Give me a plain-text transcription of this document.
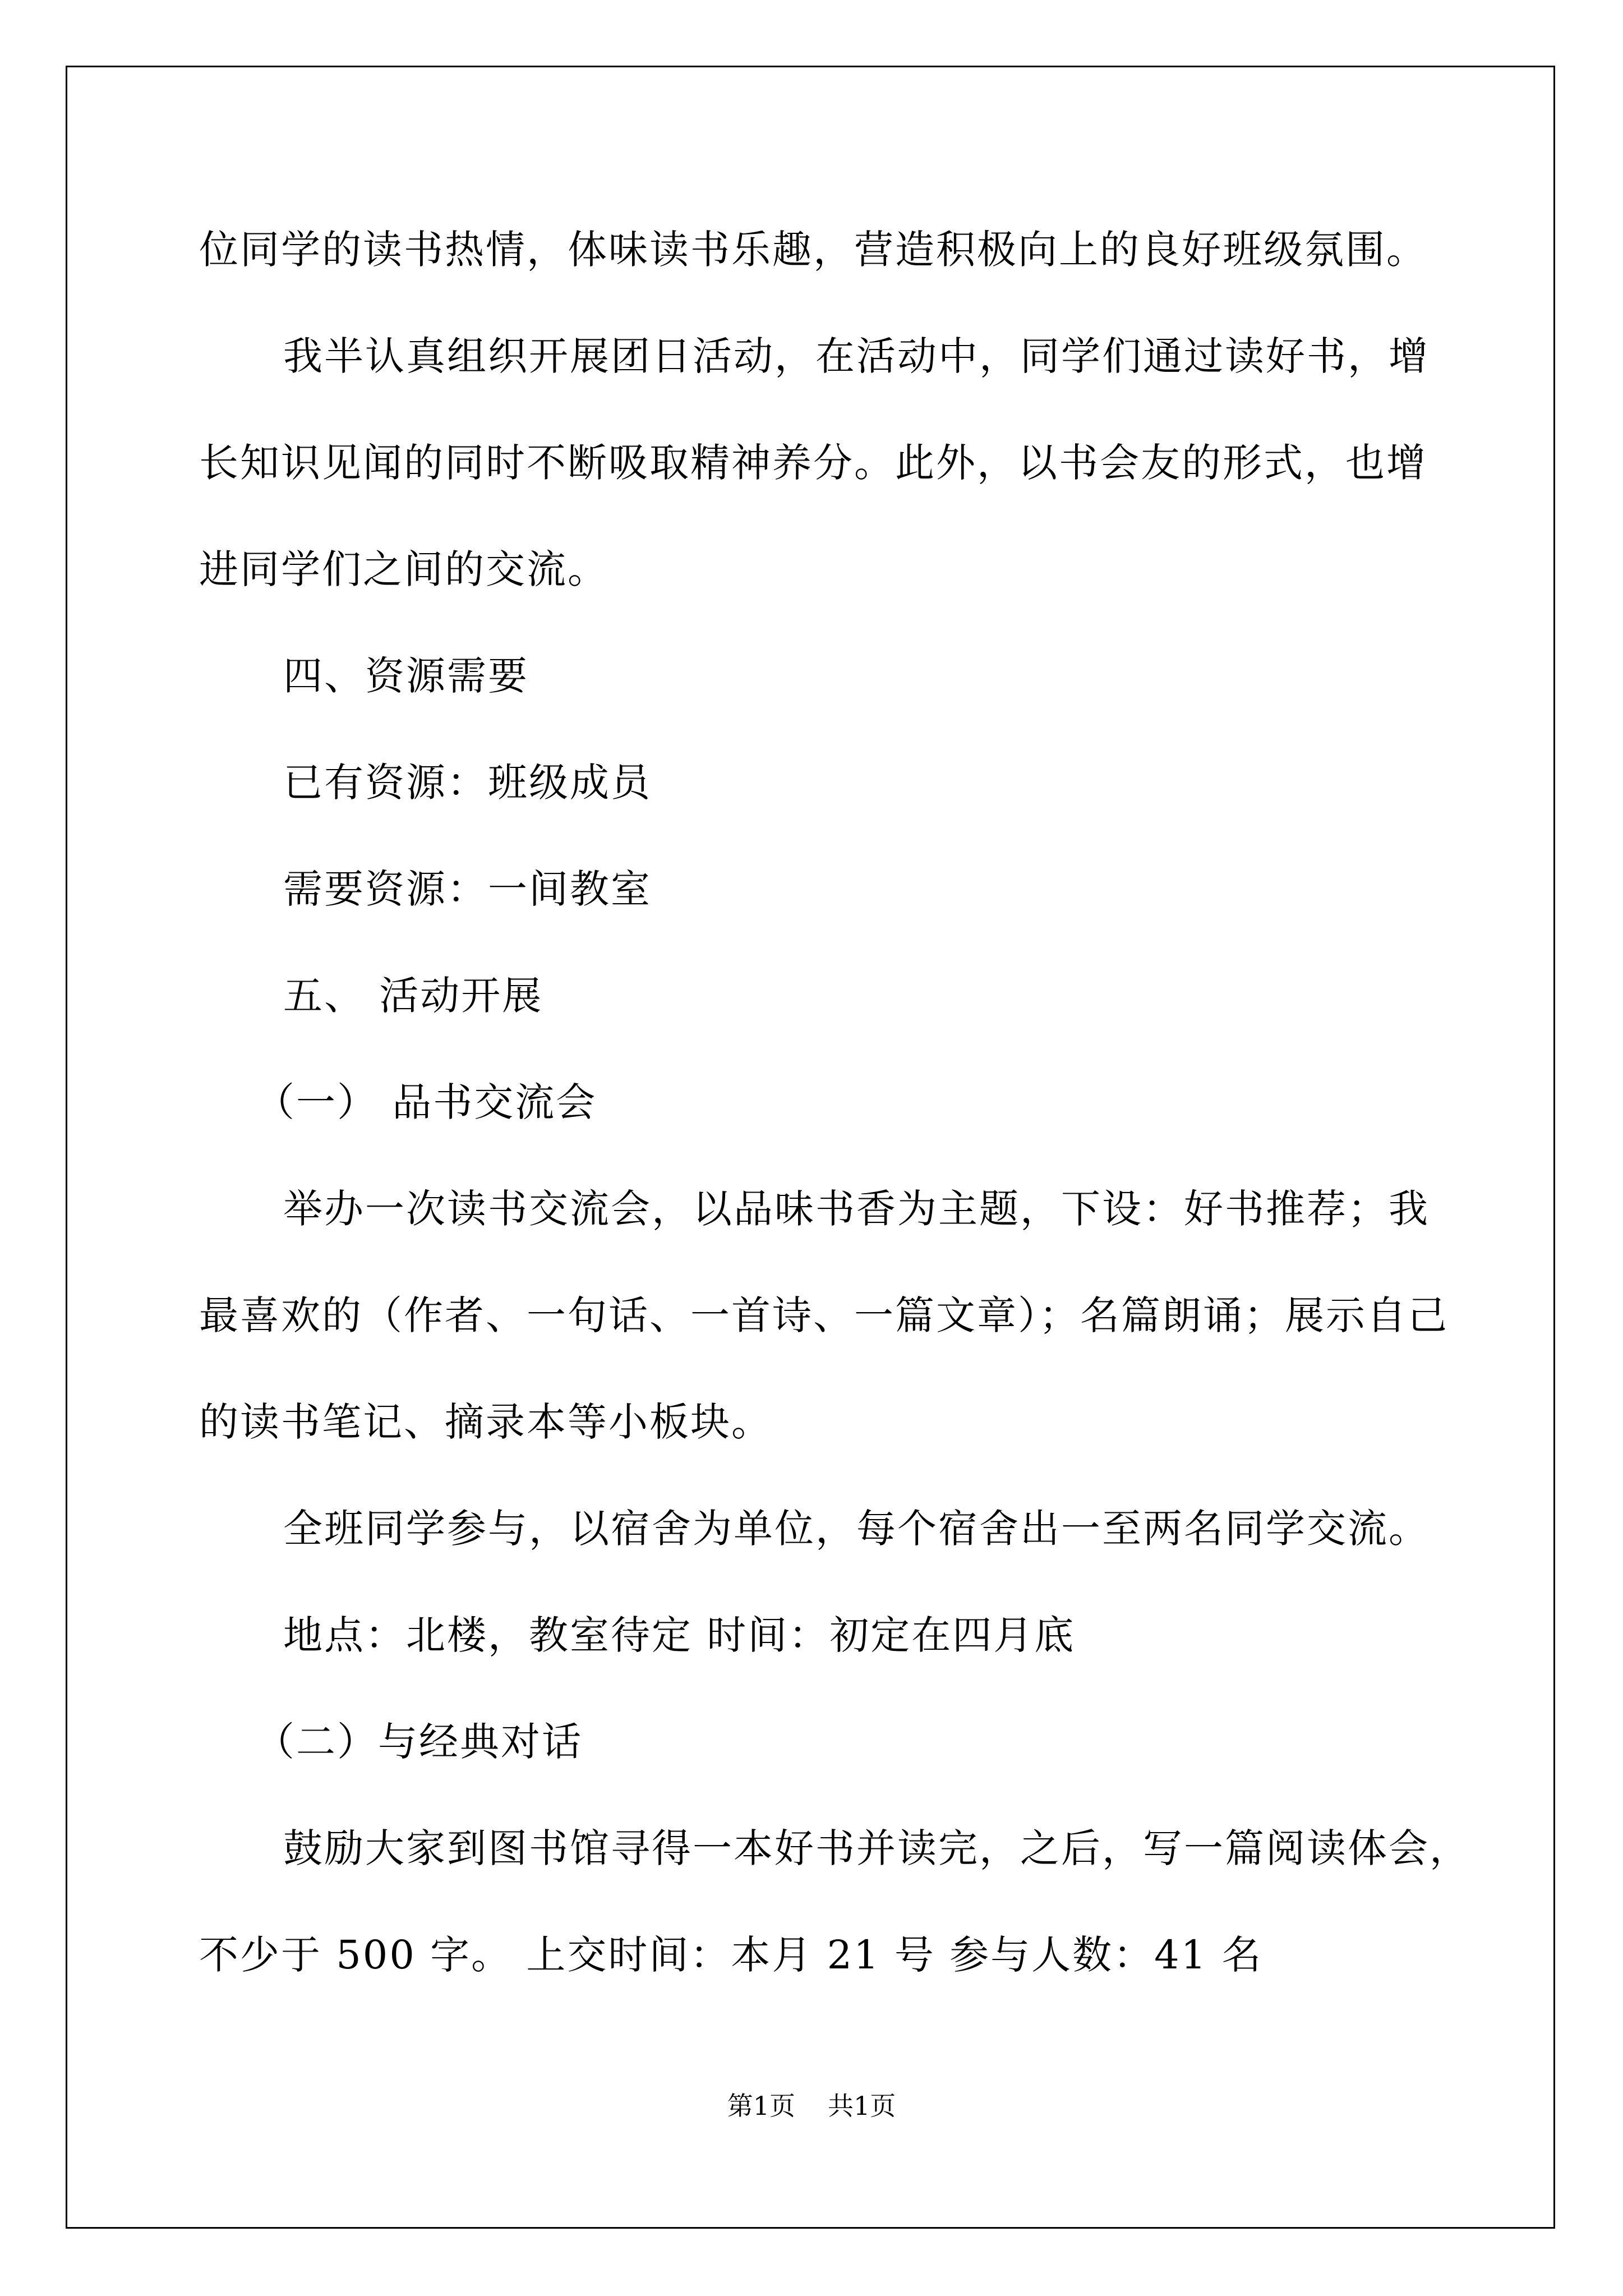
位同学的读书热情，体味读书乐趣，营造积极向上的良好班级氛围。

我半认真组织开展团日活动，在活动中，同学们通过读好书，增

长知识见闻的同时不断吸取精神养分。此外，以书会友的形式，也增

进同学们之间的交流。

四、资源需要

已有资源：班级成员

需要资源：一间教室

五、 活动开展

（一） 品书交流会

举办一次读书交流会，以品味书香为主题，下设：好书推荐；我

最喜欢的（作者、一句话、一首诗、一篇文章）；名篇朗诵；展示自己

的读书笔记、摘录本等小板块。

全班同学参与，以宿舍为单位，每个宿舍出一至两名同学交流。

地点：北楼，教室待定 时间：初定在四月底

（二）与经典对话

鼓励大家到图书馆寻得一本好书并读完，之后，写一篇阅读体会，

不少于 500 字。 上交时间：本月 21 号 参与人数：41 名

第1页 共1页
